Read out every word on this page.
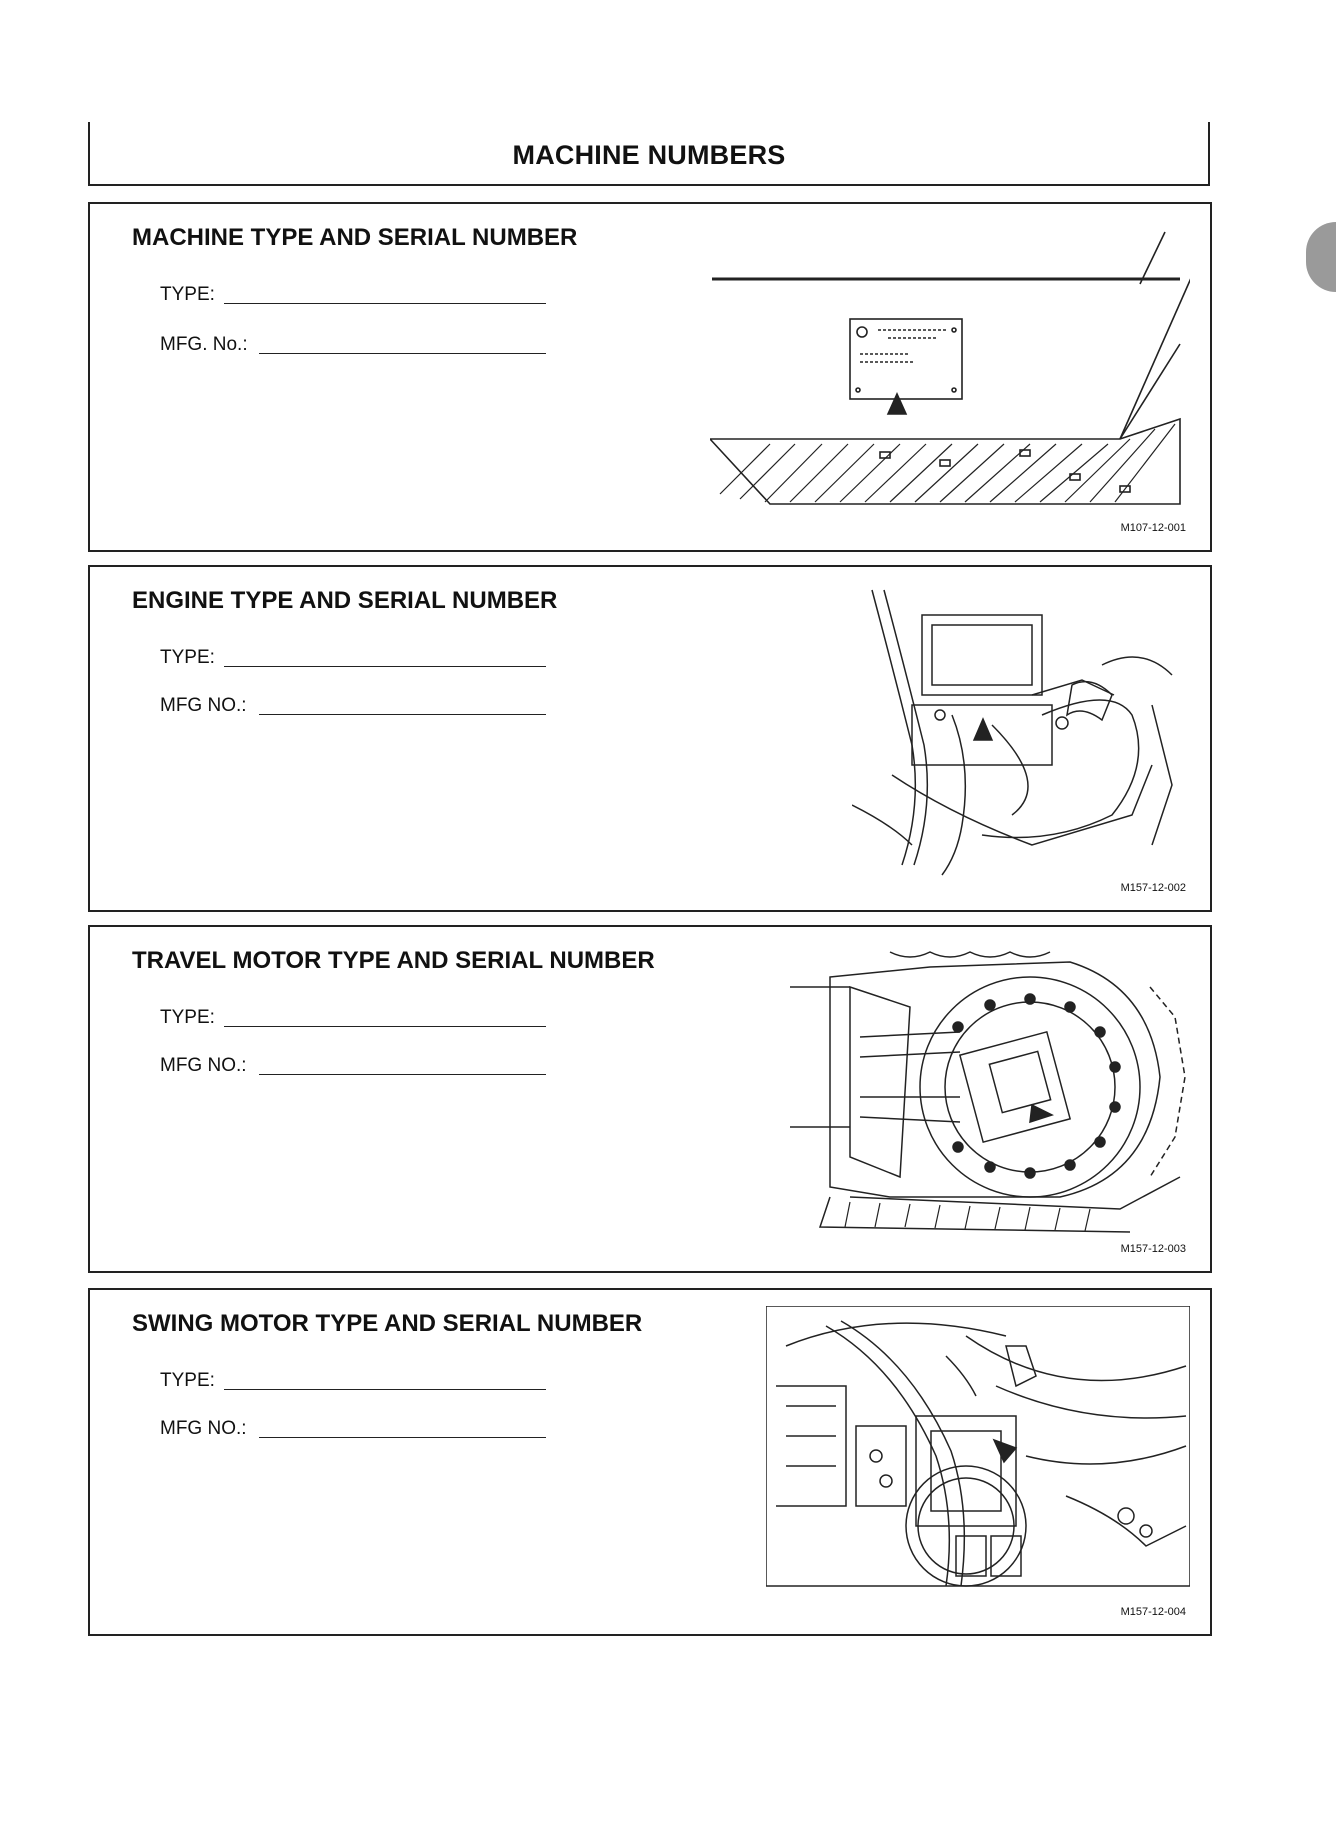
MACHINE NUMBERS
MACHINE TYPE AND SERIAL NUMBER
TYPE:
MFG. No.:
M107-12-001
ENGINE TYPE AND SERIAL NUMBER
TYPE:
MFG NO.:
M157-12-002
TRAVEL MOTOR TYPE AND SERIAL NUMBER
TYPE:
MFG NO.:
M157-12-003
SWING MOTOR TYPE AND SERIAL NUMBER
TYPE:
MFG NO.:
M157-12-004
